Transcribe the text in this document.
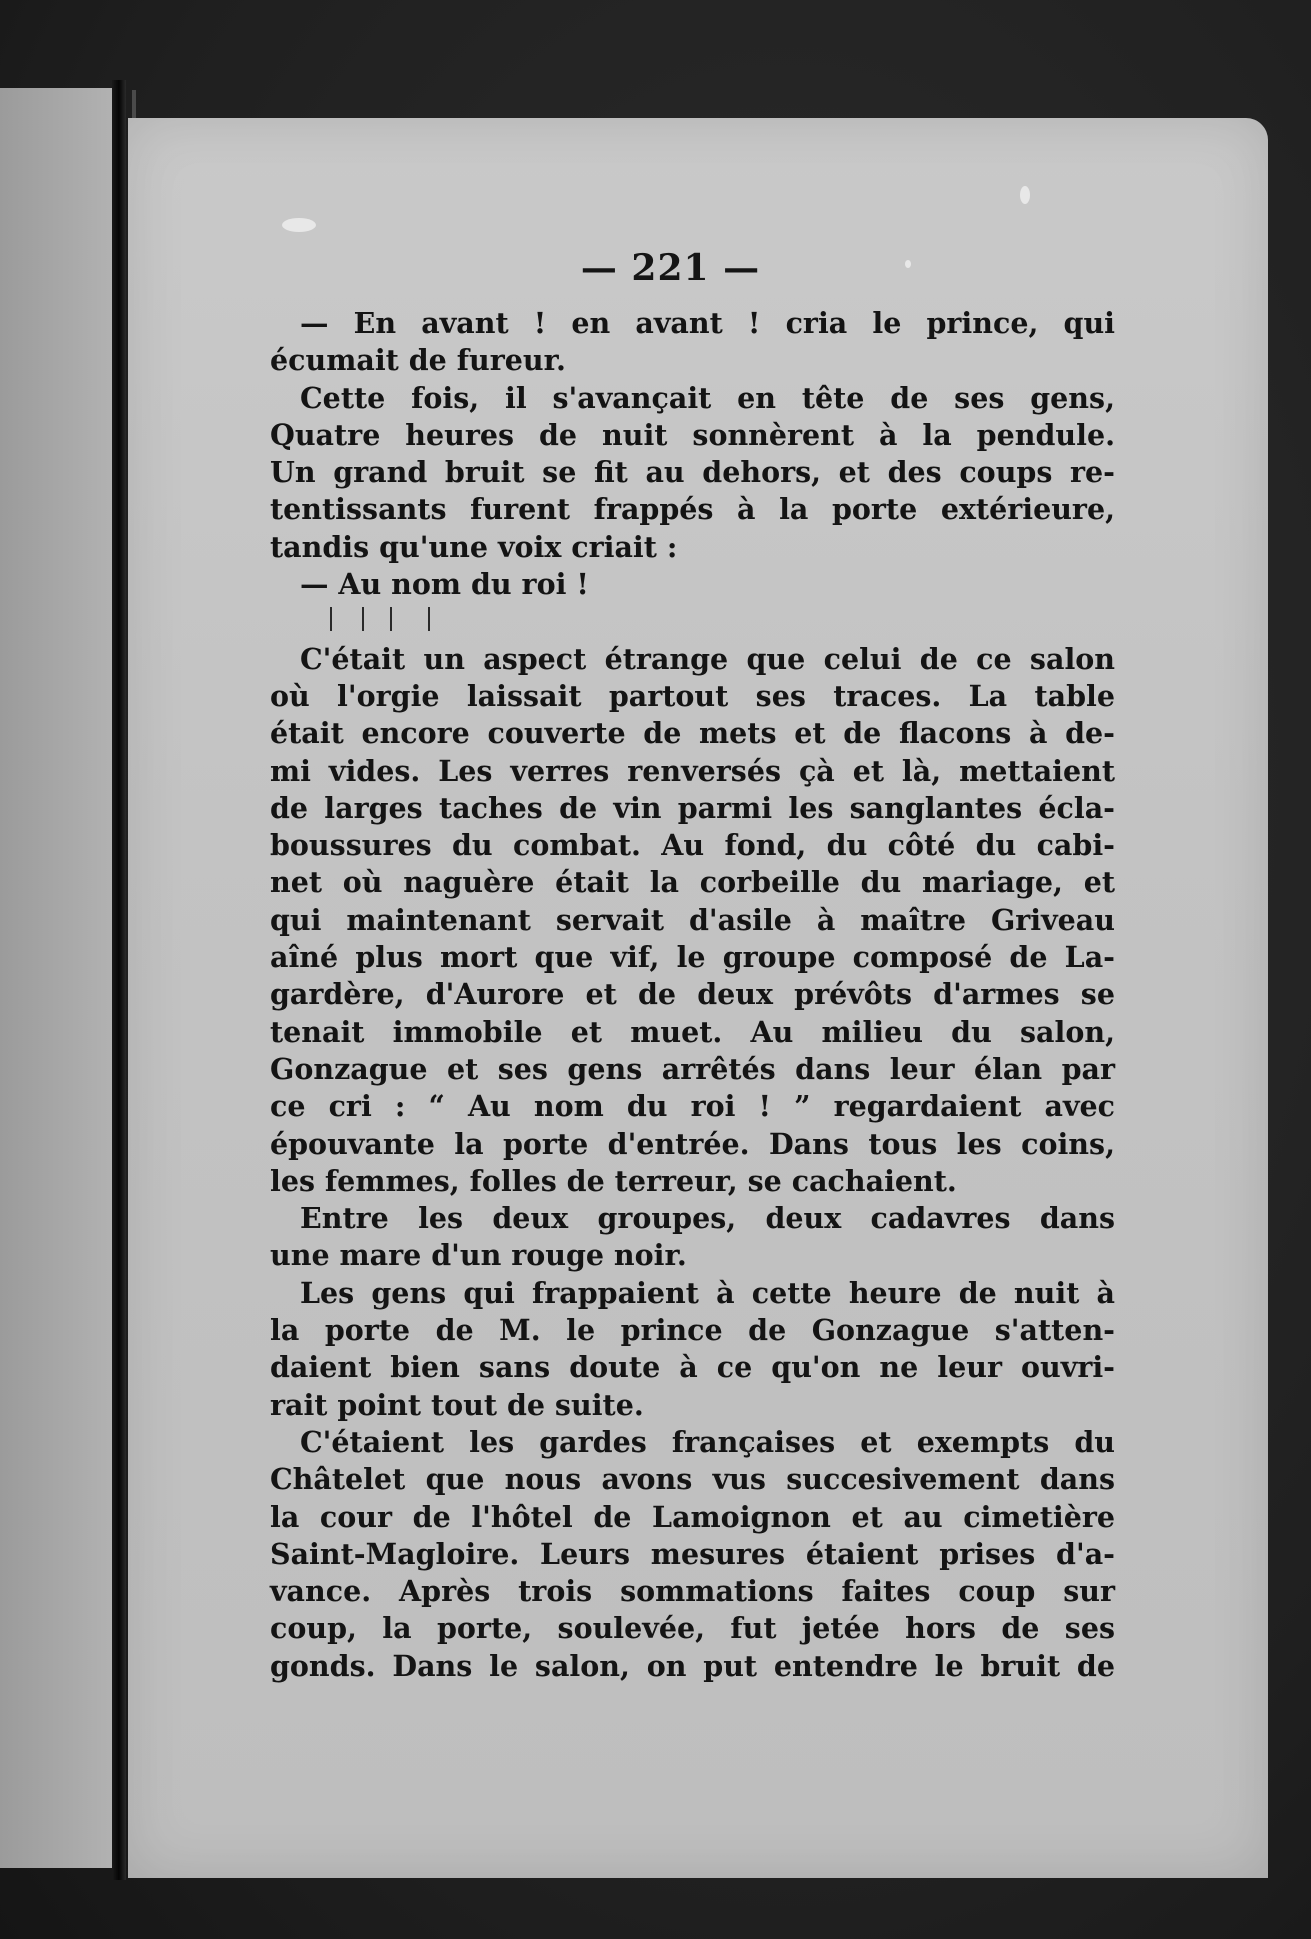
— 221 —
— En avant ! en avant ! cria le prince, qui
écumait de fureur.
Cette fois, il s'avançait en tête de ses gens,
Quatre heures de nuit sonnèrent à la pendule.
Un grand bruit se fit au dehors, et des coups re-
tentissants furent frappés à la porte extérieure,
tandis qu'une voix criait :
— Au nom du roi !
C'était un aspect étrange que celui de ce salon
où l'orgie laissait partout ses traces. La table
était encore couverte de mets et de flacons à de-
mi vides. Les verres renversés çà et là, mettaient
de larges taches de vin parmi les sanglantes écla-
boussures du combat. Au fond, du côté du cabi-
net où naguère était la corbeille du mariage, et
qui maintenant servait d'asile à maître Griveau
aîné plus mort que vif, le groupe composé de La-
gardère, d'Aurore et de deux prévôts d'armes se
tenait immobile et muet. Au milieu du salon,
Gonzague et ses gens arrêtés dans leur élan par
ce cri : “ Au nom du roi ! ” regardaient avec
épouvante la porte d'entrée. Dans tous les coins,
les femmes, folles de terreur, se cachaient.
Entre les deux groupes, deux cadavres dans
une mare d'un rouge noir.
Les gens qui frappaient à cette heure de nuit à
la porte de M. le prince de Gonzague s'atten-
daient bien sans doute à ce qu'on ne leur ouvri-
rait point tout de suite.
C'étaient les gardes françaises et exempts du
Châtelet que nous avons vus succesivement dans
la cour de l'hôtel de Lamoignon et au cimetière
Saint-Magloire. Leurs mesures étaient prises d'a-
vance. Après trois sommations faites coup sur
coup, la porte, soulevée, fut jetée hors de ses
gonds. Dans le salon, on put entendre le bruit de
